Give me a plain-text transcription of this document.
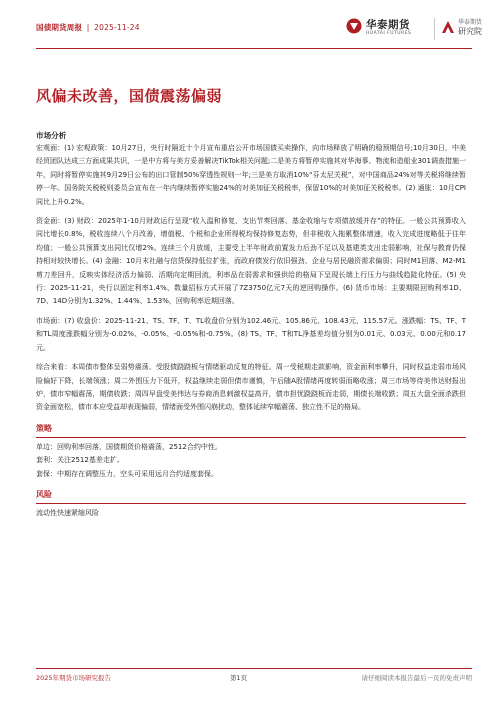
国债期货周报 | 2025-11-24	华泰期货
HUATAI FUTURES
华泰期货
研究院
风偏未改善，国债震荡偏弱
市场分析
宏观面：(1) 宏观政策：10月27日，央行时隔近十个月宣布重启公开市场国债买卖操作，向市场释放了明确的稳预期信号;10月30日，中美经贸团队达成三方面成果共识，一是中方将与美方妥善解决TikTok相关问题;二是美方将暂停实施其对华海事、物流和造船业301调查措施一年，同时将暂停实施其9月29日公布的出口管制50%穿透性规则一年;三是美方取消10%“芬太尼关税”，对中国商品24%对等关税将继续暂停一年。国务院关税税则委员会宣布在一年内继续暂停实施24%的对美加征关税税率，保留10%的对美加征关税税率。(2) 通胀：10月CPI同比上升0.2%。
资金面：(3) 财政：2025年1-10月财政运行呈现“收入温和修复、支出节奏回落、基金收缩与专项债放缓并存”的特征。一般公共预算收入同比增长0.8%，税收连续八个月改善，增值税、个税和企业所得税均保持修复态势，但非税收入拖累整体增速，收入完成进度略低于往年均值；一般公共预算支出同比仅增2%。连续三个月放缓，主要受上半年财政前置发力后劲不足以及基建类支出走弱影响，社保与教育仍保持相对较快增长。(4) 金融：10月末社融与信贷保持低位扩张，而政府债发行依旧强劲、企业与居民融资需求偏弱；同时M1回落、M2-M1剪刀差回升，反映实体经济活力偏弱、活期向定期回流，利率品在弱需求和强供给的格局下呈现长端上行压力与曲线趋陡化特征。(5) 央行：2025-11-21，央行以固定利率1.4%、数量招标方式开展了7Z3750亿元7天的逆回购操作。(6) 货币市场：主要期限回购利率1D、7D、14D分别为1.32%、1.44%、1.53%，回购利率近期回落。
市场面：(7) 收盘价：2025-11-21、TS、TF、T、TL收盘价分别为102.46元、105.86元、108.43元、115.57元。涨跌幅：TS、TF、T和TL周度涨跌幅分别为-0.02%、-0.05%、-0.05%和-0.75%。(8) TS、TF、T和TL净基差均值分别为0.01元、0.03元、0.00元和0.17元。
综合来看：本周债市整体呈弱势震荡、受股债跷跷板与情绪驱动反复的特征。周一受税期走款影响，资金面利率攀升，同时权益走弱市场风险偏好下降，长端领涨；周二外围压力下低开，权益继续走弱但债市谨慎，午后随A股情绪再度转弱而略收涨；周三市场等待美伟达财报出炉，债市窄幅震荡，期债收跌；周四早盘受美伟达与券商消息刺激权益高开，债市担忧跷跷板而走弱，期债长端收跌；周五大盘全面杀跌但资金面宽松，债市本应受益却表现偏弱，情绪面受外围闪崩扰动，整体延续窄幅震荡、独立性不足的格局。
策略
单边：回购利率回落，国债期货价格震荡，2512合约中性。
套利：关注2512基差走扩。
套保：中期存在调整压力，空头可采用远月合约适度套保。
风险
流动性快速紧缩风险
2025年期货市场研究报告	第1页	请仔细阅读本报告最后一页的免责声明
